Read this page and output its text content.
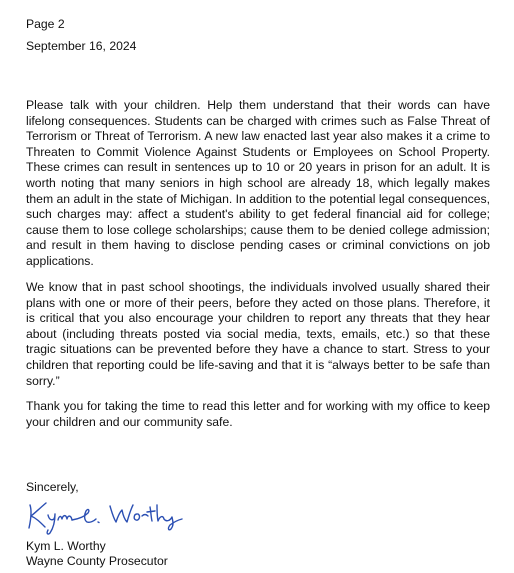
Page 2
September 16, 2024

Please talk with your children. Help them understand that their words can have lifelong consequences. Students can be charged with crimes such as False Threat of Terrorism or Threat of Terrorism. A new law enacted last year also makes it a crime to Threaten to Commit Violence Against Students or Employees on School Property. These crimes can result in sentences up to 10 or 20 years in prison for an adult. It is worth noting that many seniors in high school are already 18, which legally makes them an adult in the state of Michigan. In addition to the potential legal consequences, such charges may: affect a student's ability to get federal financial aid for college; cause them to lose college scholarships; cause them to be denied college admission; and result in them having to disclose pending cases or criminal convictions on job applications.

We know that in past school shootings, the individuals involved usually shared their plans with one or more of their peers, before they acted on those plans. Therefore, it is critical that you also encourage your children to report any threats that they hear about (including threats posted via social media, texts, emails, etc.) so that these tragic situations can be prevented before they have a chance to start. Stress to your children that reporting could be life-saving and that it is “always better to be safe than sorry.”

Thank you for taking the time to read this letter and for working with my office to keep your children and our community safe.

Sincerely,
Kym L. Worthy
Wayne County Prosecutor
